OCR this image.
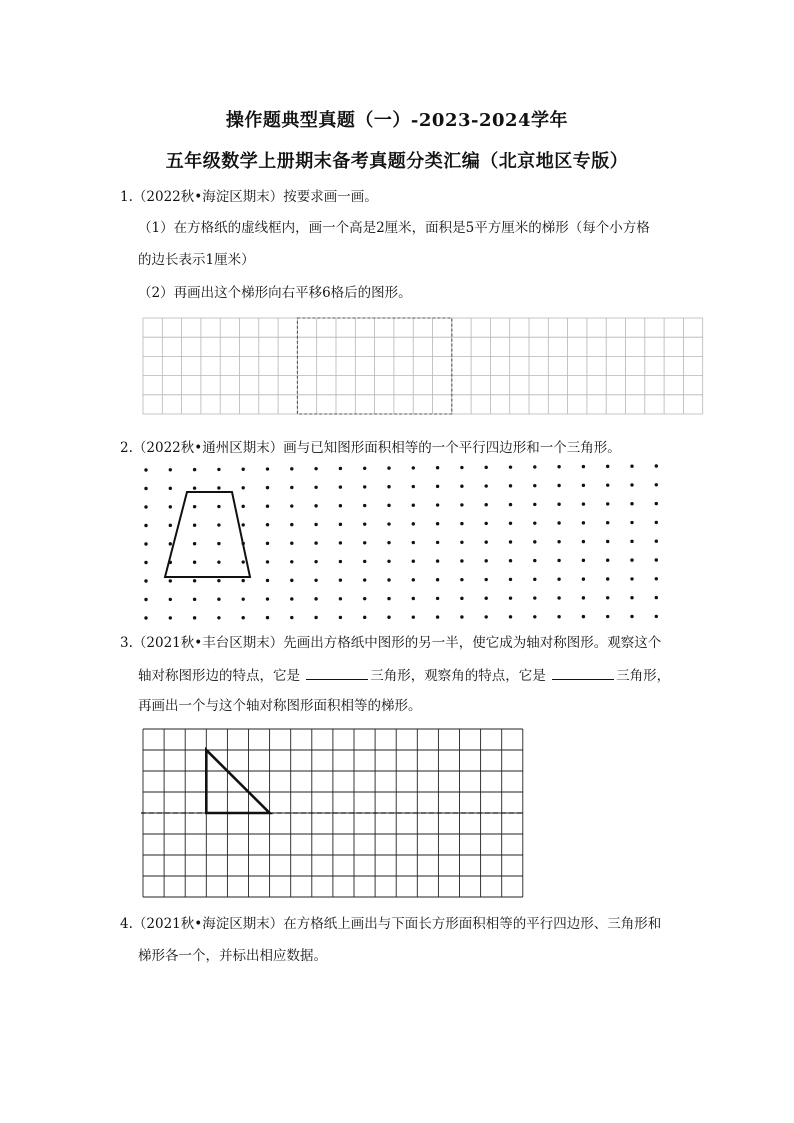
操作题典型真题（一）-2023-2024学年
五年级数学上册期末备考真题分类汇编（北京地区专版）
1.（2022秋•海淀区期末）按要求画一画。
（1）在方格纸的虚线框内，画一个高是2厘米，面积是5平方厘米的梯形（每个小方格
的边长表示1厘米）
（2）再画出这个梯形向右平移6格后的图形。
2.（2022秋•通州区期末）画与已知图形面积相等的一个平行四边形和一个三角形。
3.（2021秋•丰台区期末）先画出方格纸中图形的另一半，使它成为轴对称图形。观察这个
轴对称图形边的特点，它是	三角形，观察角的特点，它是	三角形，
再画出一个与这个轴对称图形面积相等的梯形。
4.（2021秋•海淀区期末）在方格纸上画出与下面长方形面积相等的平行四边形、三角形和
梯形各一个，并标出相应数据。
